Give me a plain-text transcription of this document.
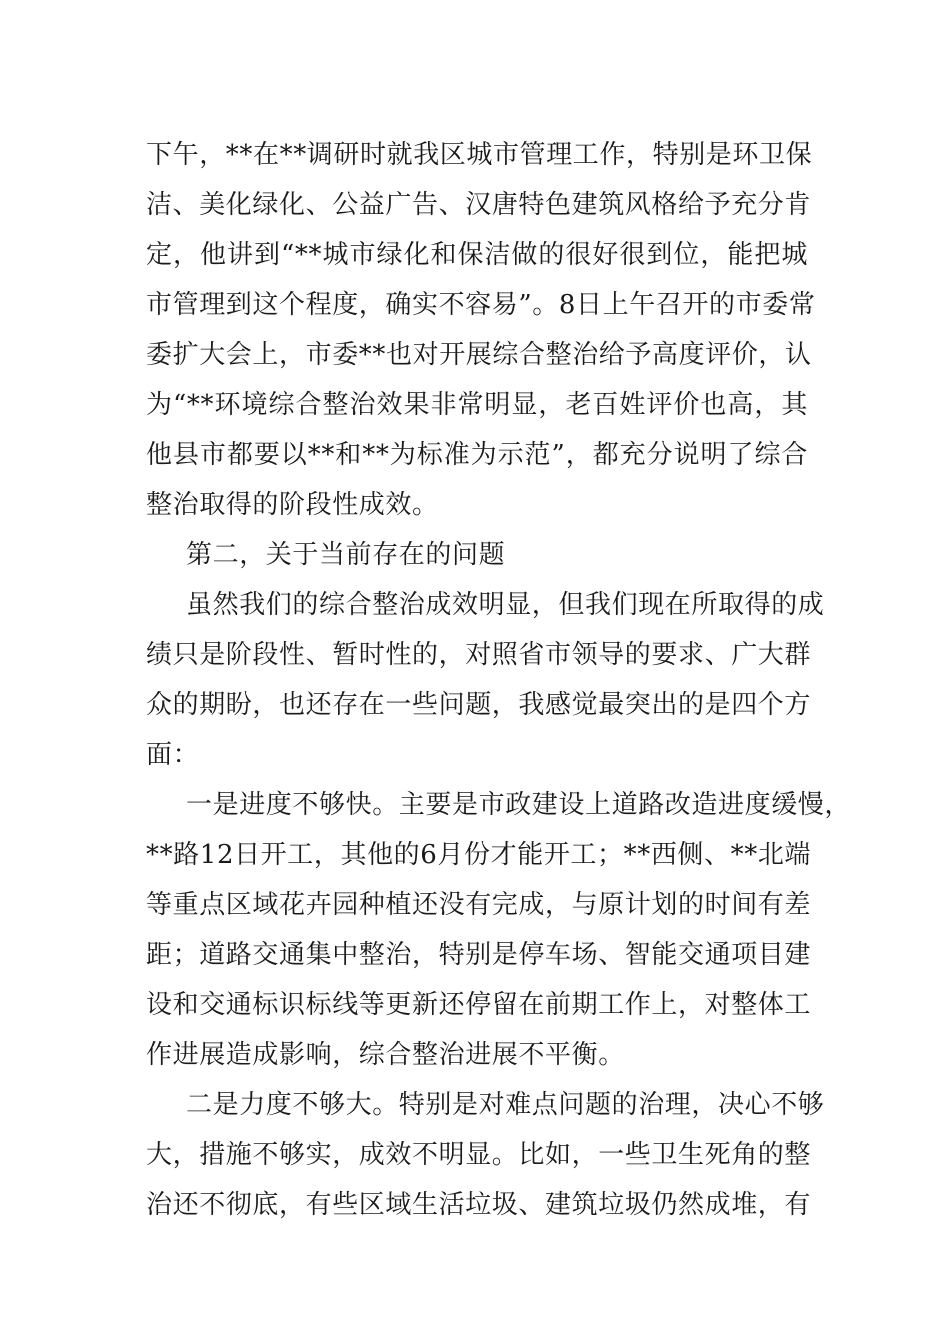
下午，**在**调研时就我区城市管理工作，特别是环卫保
洁、美化绿化、公益广告、汉唐特色建筑风格给予充分肯
定，他讲到“**城市绿化和保洁做的很好很到位，能把城
市管理到这个程度，确实不容易”。8日上午召开的市委常
委扩大会上，市委**也对开展综合整治给予高度评价，认
为“**环境综合整治效果非常明显，老百姓评价也高，其
他县市都要以**和**为标准为示范”，都充分说明了综合
整治取得的阶段性成效。
第二，关于当前存在的问题
虽然我们的综合整治成效明显，但我们现在所取得的成
绩只是阶段性、暂时性的，对照省市领导的要求、广大群
众的期盼，也还存在一些问题，我感觉最突出的是四个方
面：
一是进度不够快。主要是市政建设上道路改造进度缓慢，
**路12日开工，其他的6月份才能开工；**西侧、**北端
等重点区域花卉园种植还没有完成，与原计划的时间有差
距；道路交通集中整治，特别是停车场、智能交通项目建
设和交通标识标线等更新还停留在前期工作上，对整体工
作进展造成影响，综合整治进展不平衡。
二是力度不够大。特别是对难点问题的治理，决心不够
大，措施不够实，成效不明显。比如，一些卫生死角的整
治还不彻底，有些区域生活垃圾、建筑垃圾仍然成堆，有
